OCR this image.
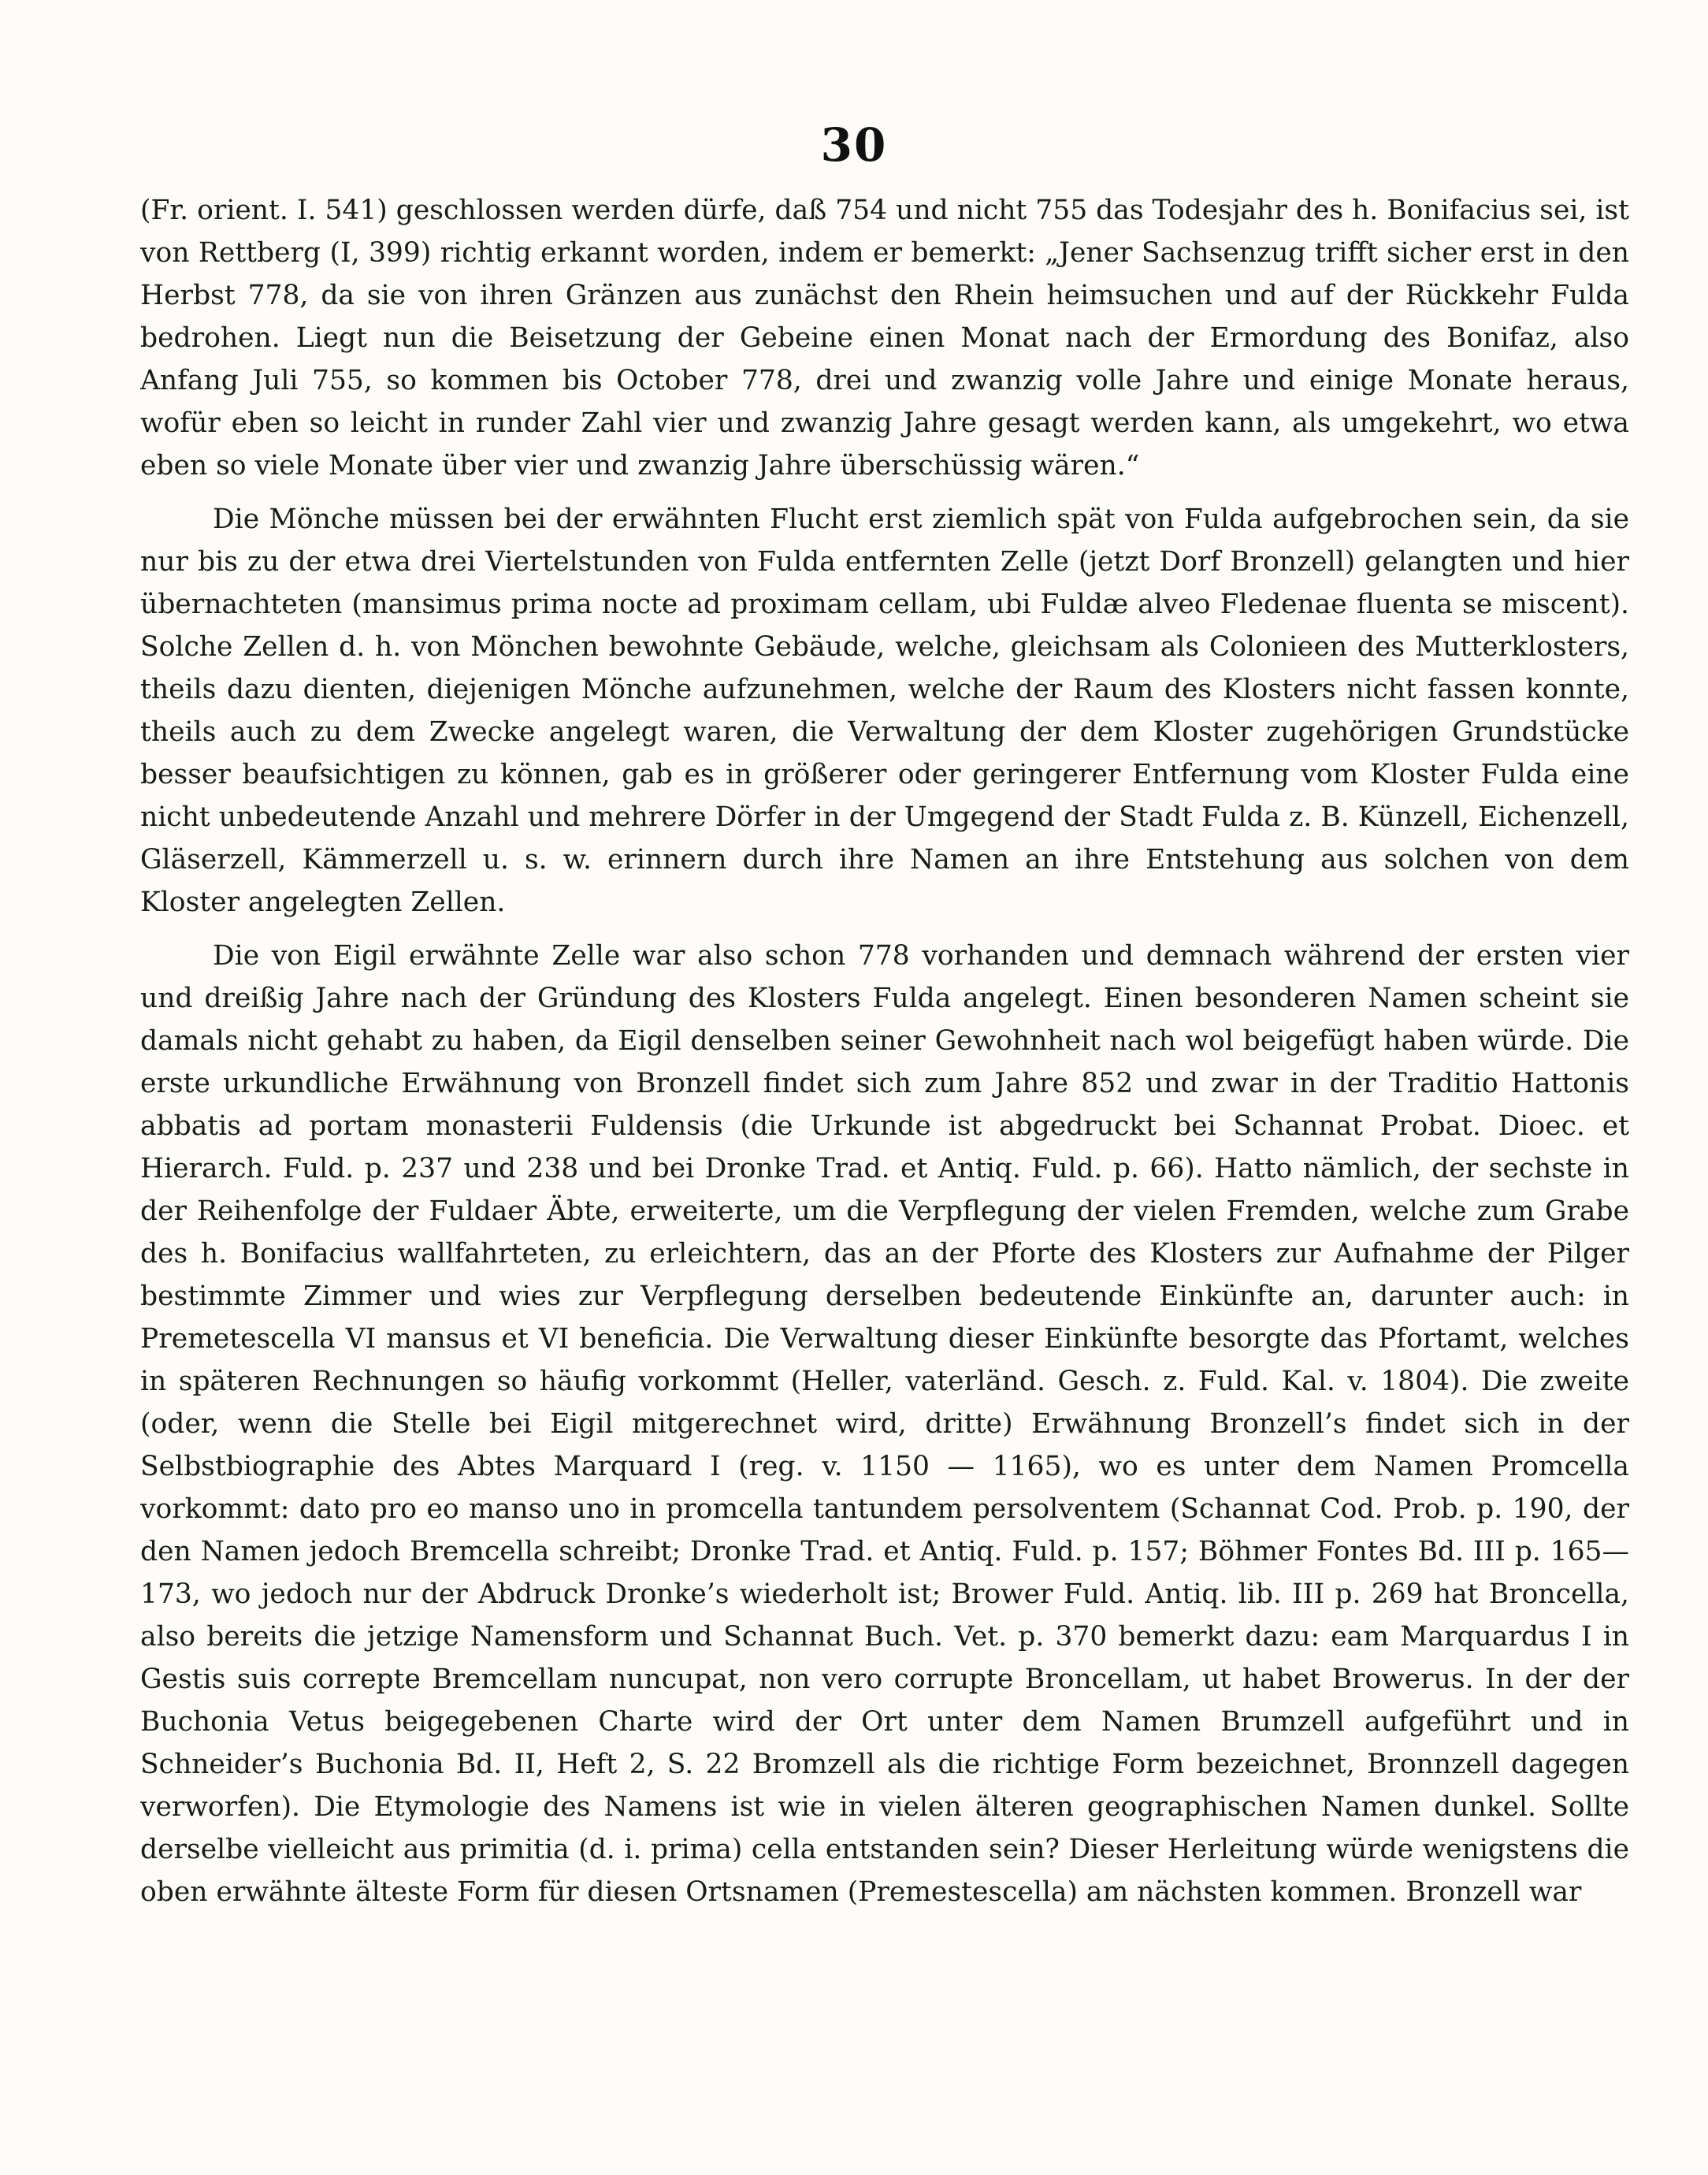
30

(Fr. orient. I. 541) geschlossen werden dürfe, daß 754 und nicht 755 das Todesjahr des h. Bonifacius sei, ist von Rettberg (I, 399) richtig erkannt worden, indem er bemerkt: „Jener Sachsenzug trifft sicher erst in den Herbst 778, da sie von ihren Gränzen aus zunächst den Rhein heimsuchen und auf der Rückkehr Fulda bedrohen. Liegt nun die Beisetzung der Gebeine einen Monat nach der Ermordung des Bonifaz, also Anfang Juli 755, so kommen bis October 778, drei und zwanzig volle Jahre und einige Monate heraus, wofür eben so leicht in runder Zahl vier und zwanzig Jahre gesagt werden kann, als umgekehrt, wo etwa eben so viele Monate über vier und zwanzig Jahre überschüssig wären.“

Die Mönche müssen bei der erwähnten Flucht erst ziemlich spät von Fulda aufgebrochen sein, da sie nur bis zu der etwa drei Viertelstunden von Fulda entfernten Zelle (jetzt Dorf Bronzell) gelangten und hier übernachteten (mansimus prima nocte ad proximam cellam, ubi Fuldæ alveo Fledenae fluenta se miscent). Solche Zellen d. h. von Mönchen bewohnte Gebäude, welche, gleichsam als Colonieen des Mutterklosters, theils dazu dienten, diejenigen Mönche aufzunehmen, welche der Raum des Klosters nicht fassen konnte, theils auch zu dem Zwecke angelegt waren, die Verwaltung der dem Kloster zugehörigen Grundstücke besser beaufsichtigen zu können, gab es in größerer oder geringerer Entfernung vom Kloster Fulda eine nicht unbedeutende Anzahl und mehrere Dörfer in der Umgegend der Stadt Fulda z. B. Künzell, Eichenzell, Gläserzell, Kämmerzell u. s. w. erinnern durch ihre Namen an ihre Entstehung aus solchen von dem Kloster angelegten Zellen.

Die von Eigil erwähnte Zelle war also schon 778 vorhanden und demnach während der ersten vier und dreißig Jahre nach der Gründung des Klosters Fulda angelegt. Einen besonderen Namen scheint sie damals nicht gehabt zu haben, da Eigil denselben seiner Gewohnheit nach wol beigefügt haben würde. Die erste urkundliche Erwähnung von Bronzell findet sich zum Jahre 852 und zwar in der Traditio Hattonis abbatis ad portam monasterii Fuldensis (die Urkunde ist abgedruckt bei Schannat Probat. Dioec. et Hierarch. Fuld. p. 237 und 238 und bei Dronke Trad. et Antiq. Fuld. p. 66). Hatto nämlich, der sechste in der Reihenfolge der Fuldaer Äbte, erweiterte, um die Verpflegung der vielen Fremden, welche zum Grabe des h. Bonifacius wallfahrteten, zu erleichtern, das an der Pforte des Klosters zur Aufnahme der Pilger bestimmte Zimmer und wies zur Verpflegung derselben bedeutende Einkünfte an, darunter auch: in Premetescella VI mansus et VI beneficia. Die Verwaltung dieser Einkünfte besorgte das Pfortamt, welches in späteren Rechnungen so häufig vorkommt (Heller, vaterländ. Gesch. z. Fuld. Kal. v. 1804). Die zweite (oder, wenn die Stelle bei Eigil mitgerechnet wird, dritte) Erwähnung Bronzell’s findet sich in der Selbstbiographie des Abtes Marquard I (reg. v. 1150 — 1165), wo es unter dem Namen Promcella vorkommt: dato pro eo manso uno in promcella tantundem persolventem (Schannat Cod. Prob. p. 190, der den Namen jedoch Bremcella schreibt; Dronke Trad. et Antiq. Fuld. p. 157; Böhmer Fontes Bd. III p. 165—173, wo jedoch nur der Abdruck Dronke’s wiederholt ist; Brower Fuld. Antiq. lib. III p. 269 hat Broncella, also bereits die jetzige Namensform und Schannat Buch. Vet. p. 370 bemerkt dazu: eam Marquardus I in Gestis suis correpte Bremcellam nuncupat, non vero corrupte Broncellam, ut habet Browerus. In der der Buchonia Vetus beigegebenen Charte wird der Ort unter dem Namen Brumzell aufgeführt und in Schneider’s Buchonia Bd. II, Heft 2, S. 22 Bromzell als die richtige Form bezeichnet, Bronnzell dagegen verworfen). Die Etymologie des Namens ist wie in vielen älteren geographischen Namen dunkel. Sollte derselbe vielleicht aus primitia (d. i. prima) cella entstanden sein? Dieser Herleitung würde wenigstens die oben erwähnte älteste Form für diesen Ortsnamen (Premestescella) am nächsten kommen. Bronzell war
